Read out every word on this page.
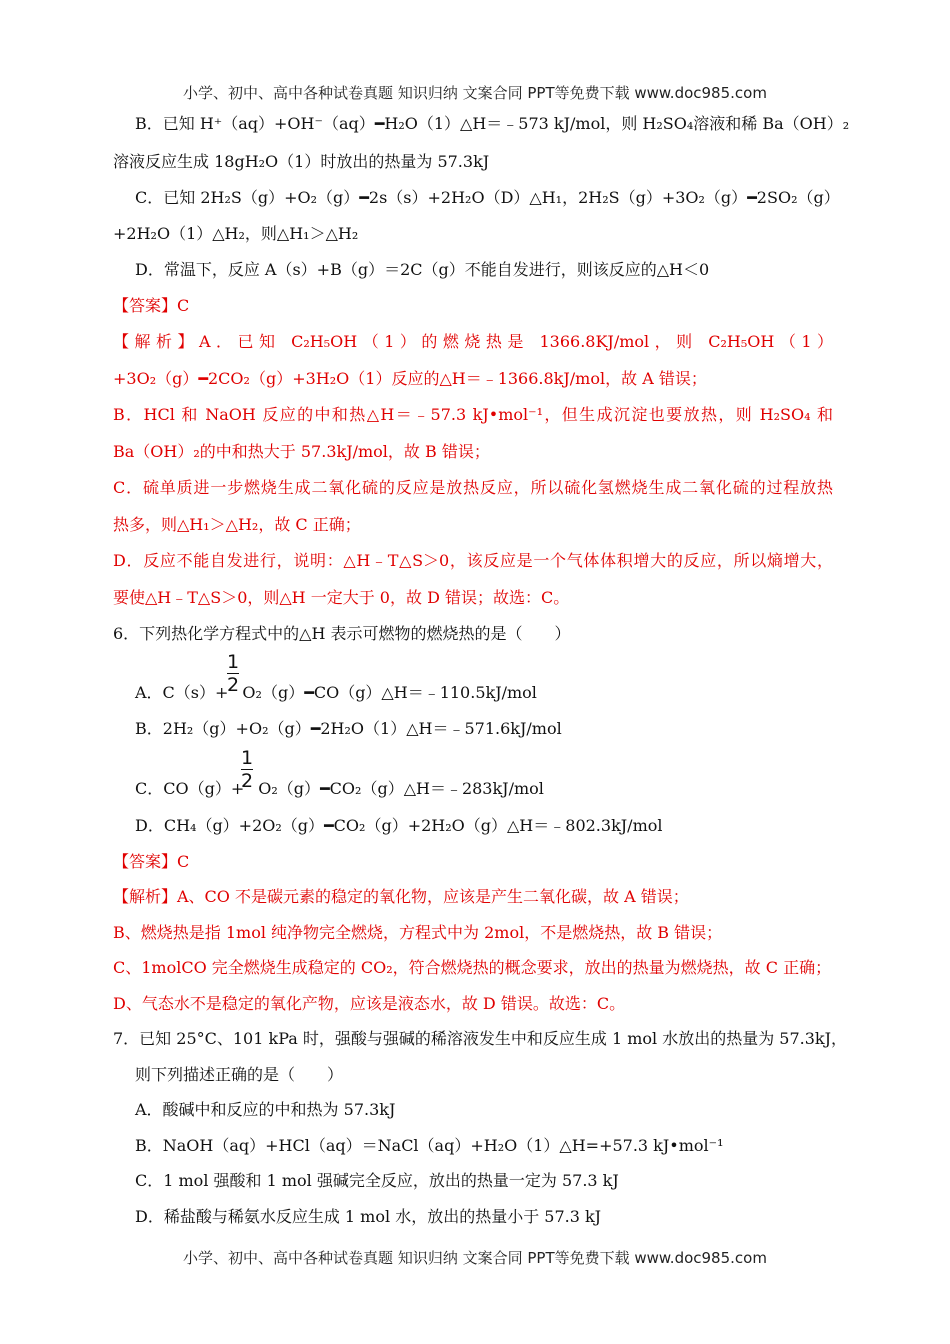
小学、初中、高中各种试卷真题 知识归纳 文案合同 PPT等免费下载 www.doc985.com
B．已知 H⁺（aq）+OH⁻（aq）━H₂O（1）△H＝﹣573 kJ/mol，则 H₂SO₄溶液和稀 Ba（OH）₂
溶液反应生成 18gH₂O（1）时放出的热量为 57.3kJ
C．已知 2H₂S（g）+O₂（g）━2s（s）+2H₂O（D）△H₁，2H₂S（g）+3O₂（g）━2SO₂（g）
+2H₂O（1）△H₂，则△H₁＞△H₂
D．常温下，反应 A（s）+B（g）＝2C（g）不能自发进行，则该反应的△H＜0
【答案】C
【解析】A．已知 C₂H₅OH（1）的燃烧热是 1366.8KJ/mol，则 C₂H₅OH（1）
+3O₂（g）━2CO₂（g）+3H₂O（1）反应的△H＝﹣1366.8kJ/mol，故 A 错误；
B．HCl 和 NaOH 反应的中和热△H＝﹣57.3 kJ•mol⁻¹，但生成沉淀也要放热，则 H₂SO₄ 和
Ba（OH）₂的中和热大于 57.3kJ/mol，故 B 错误；
C．硫单质进一步燃烧生成二氧化硫的反应是放热反应，所以硫化氢燃烧生成二氧化硫的过程放热
热多，则△H₁＞△H₂，故 C 正确；
D．反应不能自发进行，说明：△H﹣T△S＞0，该反应是一个气体体积增大的反应，所以熵增大，
要使△H﹣T△S＞0，则△H 一定大于 0，故 D 错误；故选：C。
6．下列热化学方程式中的△H 表示可燃物的燃烧热的是（　　）
1
2
A．C（s）+ O₂（g）━CO（g）△H＝﹣110.5kJ/mol
B．2H₂（g）+O₂（g）━2H₂O（1）△H＝﹣571.6kJ/mol
1
2
C．CO（g）+ O₂（g）━CO₂（g）△H＝﹣283kJ/mol
D．CH₄（g）+2O₂（g）━CO₂（g）+2H₂O（g）△H＝﹣802.3kJ/mol
【答案】C
【解析】A、CO 不是碳元素的稳定的氧化物，应该是产生二氧化碳，故 A 错误；
B、燃烧热是指 1mol 纯净物完全燃烧，方程式中为 2mol，不是燃烧热，故 B 错误；
C、1molCO 完全燃烧生成稳定的 CO₂，符合燃烧热的概念要求，放出的热量为燃烧热，故 C 正确；
D、气态水不是稳定的氧化产物，应该是液态水，故 D 错误。故选：C。
7．已知 25°C、101 kPa 时，强酸与强碱的稀溶液发生中和反应生成 1 mol 水放出的热量为 57.3kJ，
则下列描述正确的是（　　）
A．酸碱中和反应的中和热为 57.3kJ
B．NaOH（aq）+HCl（aq）＝NaCl（aq）+H₂O（1）△H=+57.3 kJ•mol⁻¹
C．1 mol 强酸和 1 mol 强碱完全反应，放出的热量一定为 57.3 kJ
D．稀盐酸与稀氨水反应生成 1 mol 水，放出的热量小于 57.3 kJ
小学、初中、高中各种试卷真题 知识归纳 文案合同 PPT等免费下载 www.doc985.com
